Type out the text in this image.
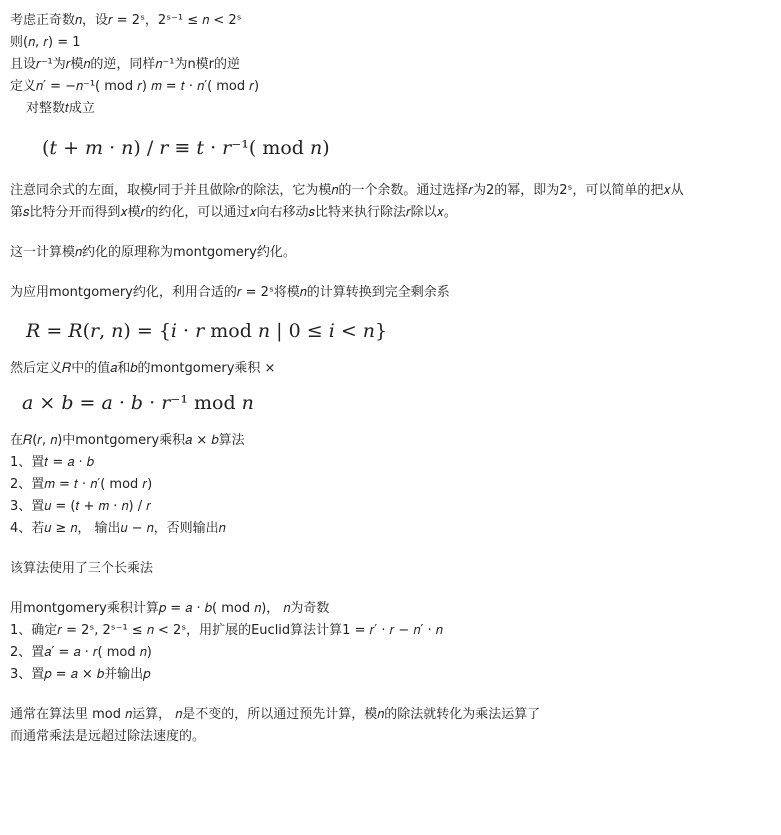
考虑正奇数𝑛，设𝑟 = 2ˢ，2ˢ⁻¹ ≤ 𝑛 < 2ˢ
则(𝑛, 𝑟) = 1
且设𝑟⁻¹为𝑟模𝑛的逆，同样𝑛⁻¹为n模r的逆
定义𝑛′ = −𝑛⁻¹( mod 𝑟) 𝑚 = 𝑡 · 𝑛′( mod 𝑟)
对整数𝑡成立
(𝑡 + 𝑚 · 𝑛) / 𝑟 ≡ 𝑡 · 𝑟⁻¹( mod 𝑛)
注意同余式的左面，取模𝑟同于并且做除𝑟的除法，它为模𝑛的一个余数。通过选择𝑟为2的幂，即为2ˢ，可以简单的把𝑥从
第𝑠比特分开而得到𝑥模𝑟的约化，可以通过𝑥向右移动𝑠比特来执行除法𝑟除以𝑥。
这一计算模𝑛约化的原理称为montgomery约化。
为应用montgomery约化，利用合适的𝑟 = 2ˢ将模𝑛的计算转换到完全剩余系
𝑅 = 𝑅(𝑟, 𝑛) = {𝑖 · 𝑟 mod 𝑛 | 0 ≤ 𝑖 < 𝑛}
然后定义𝑅中的值𝑎和𝑏的montgomery乘积 ×
𝑎 × 𝑏 = 𝑎 · 𝑏 · 𝑟⁻¹ mod 𝑛
在𝑅(𝑟, 𝑛)中montgomery乘积𝑎 × 𝑏算法
1、置𝑡 = 𝑎 · 𝑏
2、置𝑚 = 𝑡 · 𝑛′( mod 𝑟)
3、置𝑢 = (𝑡 + 𝑚 · 𝑛) / 𝑟
4、若𝑢 ≥ 𝑛， 输出𝑢 − 𝑛，否则输出𝑛
该算法使用了三个长乘法
用montgomery乘积计算𝑝 = 𝑎 · 𝑏( mod 𝑛)， 𝑛为奇数
1、确定𝑟 = 2ˢ, 2ˢ⁻¹ ≤ 𝑛 < 2ˢ，用扩展的Euclid算法计算1 = 𝑟′ · 𝑟 − 𝑛′ · 𝑛
2、置𝑎′ = 𝑎 · 𝑟( mod 𝑛)
3、置𝑝 = 𝑎 × 𝑏并输出𝑝
通常在算法里 mod 𝑛运算， 𝑛是不变的，所以通过预先计算，模𝑛的除法就转化为乘法运算了
而通常乘法是远超过除法速度的。
